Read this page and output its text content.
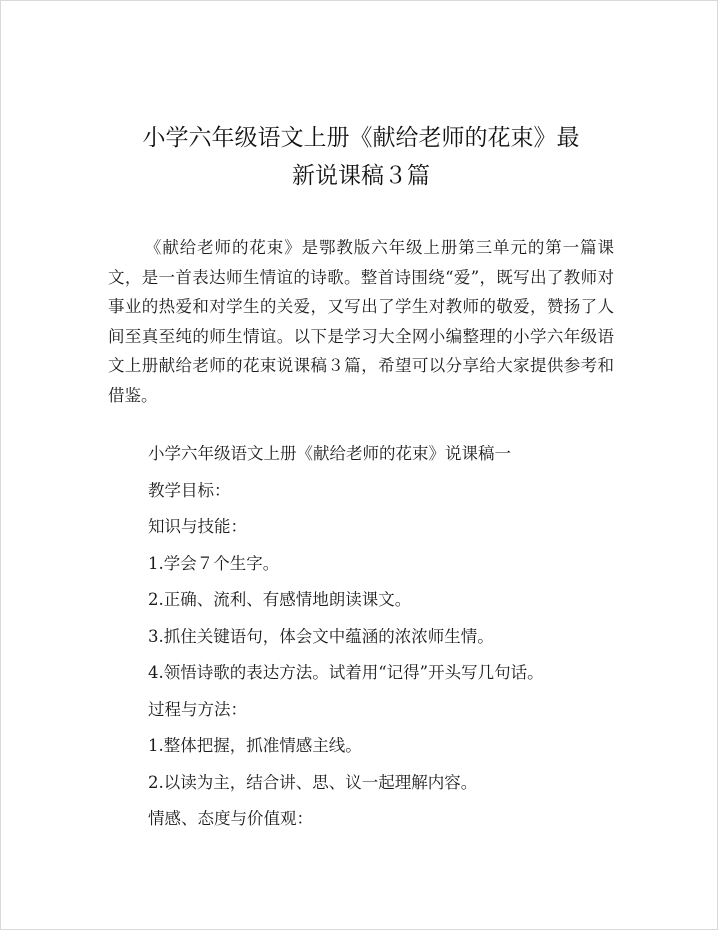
小学六年级语文上册《献给老师的花束》最
新说课稿３篇

《献给老师的花束》是鄂教版六年级上册第三单元的第一篇课文，是一首表达师生情谊的诗歌。整首诗围绕“爱”，既写出了教师对事业的热爱和对学生的关爱，又写出了学生对教师的敬爱，赞扬了人间至真至纯的师生情谊。以下是学习大全网小编整理的小学六年级语文上册献给老师的花束说课稿３篇，希望可以分享给大家提供参考和借鉴。

小学六年级语文上册《献给老师的花束》说课稿一
教学目标：
知识与技能：
1.学会７个生字。
2.正确、流利、有感情地朗读课文。
3.抓住关键语句，体会文中蕴涵的浓浓师生情。
4.领悟诗歌的表达方法。试着用“记得”开头写几句话。
过程与方法：
1.整体把握，抓准情感主线。
2.以读为主，结合讲、思、议一起理解内容。
情感、态度与价值观：
